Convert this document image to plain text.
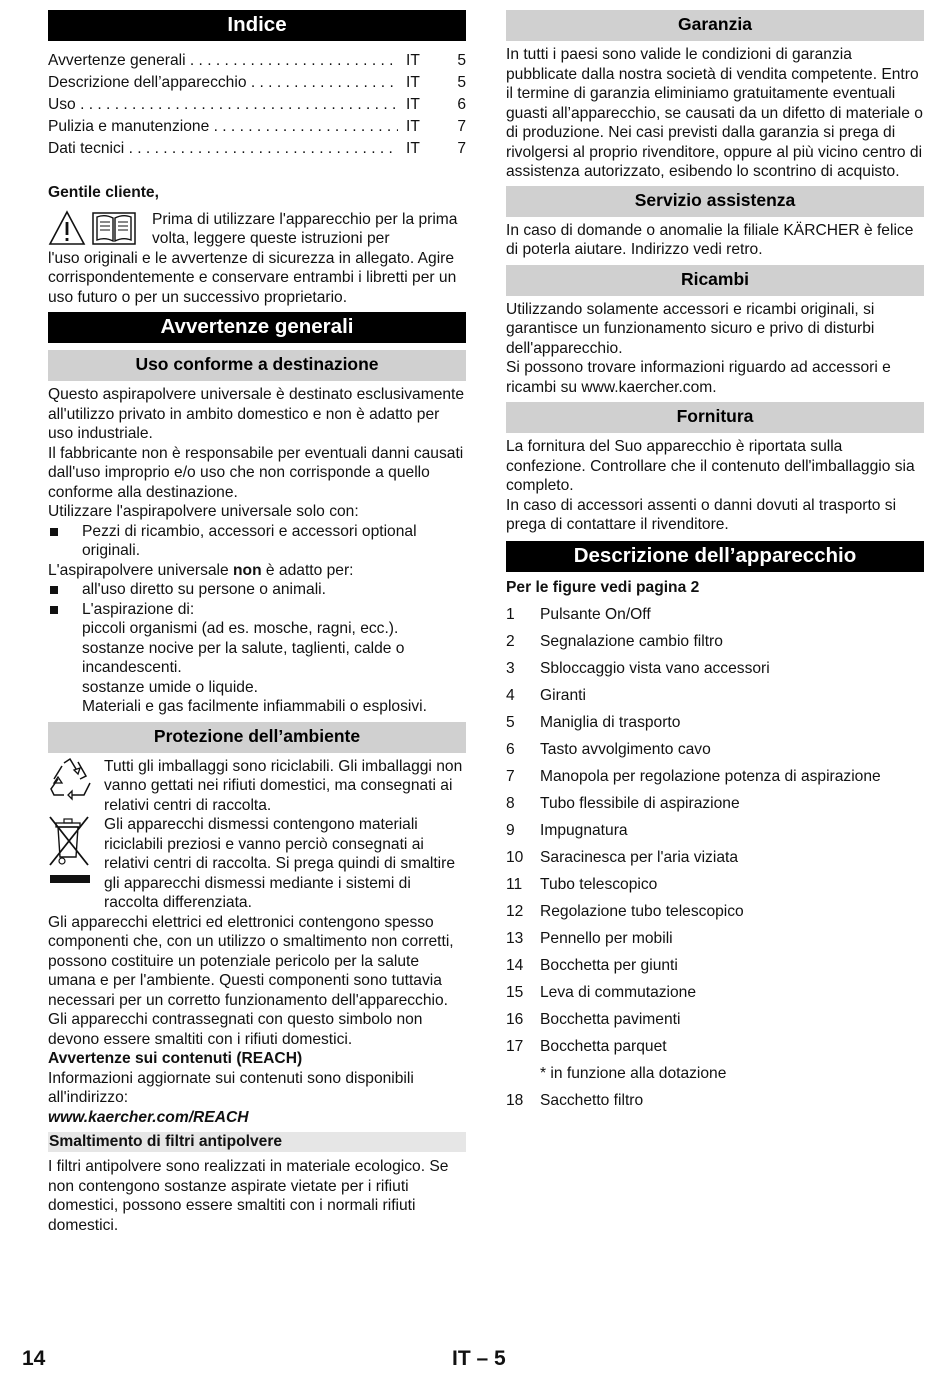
Indice
Avvertenze generali . . .	IT	5
Descrizione dell’apparecchio . . .	IT	5
Uso . . .	IT	6
Pulizia e manutenzione . . .	IT	7
Dati tecnici . . .	IT	7

Gentile cliente,

Prima di utilizzare l'apparecchio per la prima volta, leggere queste istruzioni per

l'uso originali e le avvertenze di sicurezza in allegato. Agire corrispondentemente e conservare entrambi i libretti per un uso futuro o per un successivo proprietario.

Avvertenze generali
Uso conforme a destinazione

Questo aspirapolvere universale è destinato esclusivamente all'utilizzo privato in ambito domestico e non è adatto per uso industriale.

Il fabbricante non è responsabile per eventuali danni causati dall'uso improprio e/o uso che non corrisponde a quello conforme alla destinazione.

Utilizzare l'aspirapolvere universale solo con:

Pezzi di ricambio, accessori e accessori optional originali.

L'aspirapolvere universale non è adatto per:

all'uso diretto su persone o animali.
L'aspirazione di:

piccoli organismi (ad es. mosche, ragni, ecc.).

sostanze nocive per la salute, taglienti, calde o incandescenti.

sostanze umide o liquide.

Materiali e gas facilmente infiammabili o esplosivi.

Protezione dell’ambiente

Tutti gli imballaggi sono riciclabili. Gli imballaggi non vanno gettati nei rifiuti domestici, ma consegnati ai relativi centri di raccolta.

Gli apparecchi dismessi contengono materiali riciclabili preziosi e vanno perciò consegnati ai relativi centri di raccolta. Si prega quindi di smaltire gli apparecchi dismessi mediante i sistemi di raccolta differenziata.

Gli apparecchi elettrici ed elettronici contengono spesso componenti che, con un utilizzo o smaltimento non corretti, possono costituire un potenziale pericolo per la salute umana e per l'ambiente. Questi componenti sono tuttavia necessari per un corretto funzionamento dell'apparecchio. Gli apparecchi contrassegnati con questo simbolo non devono essere smaltiti con i rifiuti domestici.

Avvertenze sui contenuti (REACH)

Informazioni aggiornate sui contenuti sono disponibili all'indirizzo:

www.kaercher.com/REACH

Smaltimento di filtri antipolvere

I filtri antipolvere sono realizzati in materiale ecologico. Se non contengono sostanze aspirate vietate per i rifiuti domestici, possono essere smaltiti con i normali rifiuti domestici.

Garanzia

In tutti i paesi sono valide le condizioni di garanzia pubblicate dalla nostra società di vendita competente. Entro il termine di garanzia eliminiamo gratuitamente eventuali guasti all’apparecchio, se causati da un difetto di materiale o di produzione. Nei casi previsti dalla garanzia si prega di rivolgersi al proprio rivenditore, oppure al più vicino centro di assistenza autorizzato, esibendo lo scontrino di acquisto.

Servizio assistenza

In caso di domande o anomalie la filiale KÄRCHER è felice di poterla aiutare. Indirizzo vedi retro.

Ricambi

Utilizzando solamente accessori e ricambi originali, si garantisce un funzionamento sicuro e privo di disturbi dell'apparecchio.

Si possono trovare informazioni riguardo ad accessori e ricambi su www.kaercher.com.

Fornitura

La fornitura del Suo apparecchio è riportata sulla confezione. Controllare che il contenuto dell'imballaggio sia completo.

In caso di accessori assenti o danni dovuti al trasporto si prega di contattare il rivenditore.

Descrizione dell’apparecchio

Per le figure vedi pagina 2

1	Pulsante On/Off
2	Segnalazione cambio filtro
3	Sbloccaggio vista vano accessori
4	Giranti
5	Maniglia di trasporto
6	Tasto avvolgimento cavo
7	Manopola per regolazione potenza di aspirazione
8	Tubo flessibile di aspirazione
9	Impugnatura
10	Saracinesca per l'aria viziata
11	Tubo telescopico
12	Regolazione tubo telescopico
13	Pennello per mobili
14	Bocchetta per giunti
15	Leva di commutazione
16	Bocchetta pavimenti
17	Bocchetta parquet
* in funzione alla dotazione
18	Sacchetto filtro
14	IT – 5
